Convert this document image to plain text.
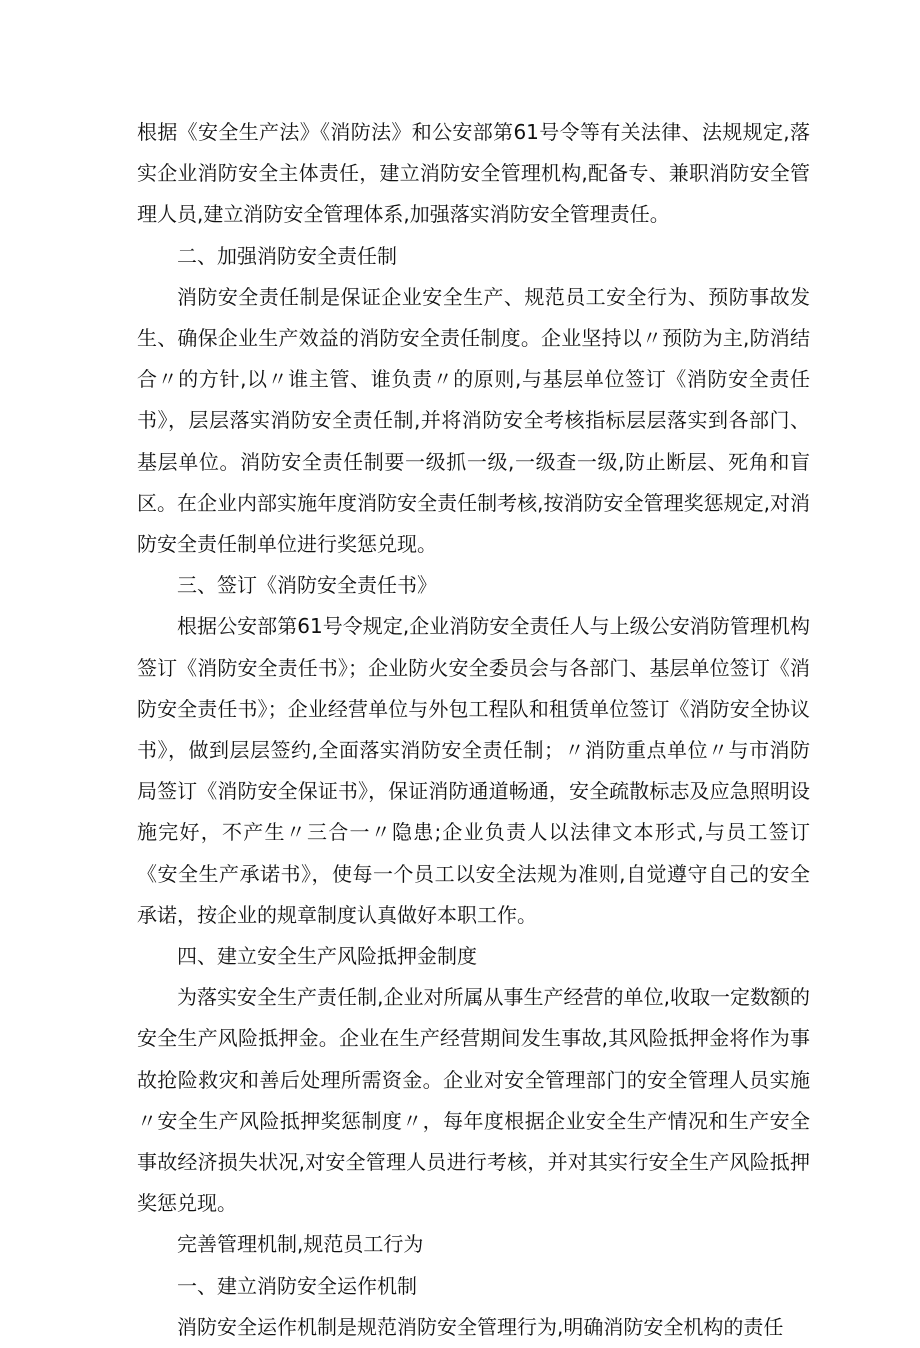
根据《安全生产法》《消防法》和公安部第61号令等有关法律、法规规定,落实企业消防安全主体责任，建立消防安全管理机构,配备专、兼职消防安全管理人员,建立消防安全管理体系,加强落实消防安全管理责任。

二、加强消防安全责任制

消防安全责任制是保证企业安全生产、规范员工安全行为、预防事故发生、确保企业生产效益的消防安全责任制度。企业坚持以〃预防为主,防消结合〃的方针,以〃谁主管、谁负责〃的原则,与基层单位签订《消防安全责任书》，层层落实消防安全责任制,并将消防安全考核指标层层落实到各部门、基层单位。消防安全责任制要一级抓一级,一级查一级,防止断层、死角和盲区。在企业内部实施年度消防安全责任制考核,按消防安全管理奖惩规定,对消防安全责任制单位进行奖惩兑现。

三、签订《消防安全责任书》

根据公安部第61号令规定,企业消防安全责任人与上级公安消防管理机构签订《消防安全责任书》；企业防火安全委员会与各部门、基层单位签订《消防安全责任书》；企业经营单位与外包工程队和租赁单位签订《消防安全协议书》，做到层层签约,全面落实消防安全责任制；〃消防重点单位〃与市消防局签订《消防安全保证书》，保证消防通道畅通，安全疏散标志及应急照明设施完好，不产生〃三合一〃隐患;企业负责人以法律文本形式,与员工签订《安全生产承诺书》，使每一个员工以安全法规为准则,自觉遵守自己的安全承诺，按企业的规章制度认真做好本职工作。

四、建立安全生产风险抵押金制度

为落实安全生产责任制,企业对所属从事生产经营的单位,收取一定数额的安全生产风险抵押金。企业在生产经营期间发生事故,其风险抵押金将作为事故抢险救灾和善后处理所需资金。企业对安全管理部门的安全管理人员实施〃安全生产风险抵押奖惩制度〃，每年度根据企业安全生产情况和生产安全事故经济损失状况,对安全管理人员进行考核，并对其实行安全生产风险抵押奖惩兑现。

完善管理机制,规范员工行为

一、建立消防安全运作机制

消防安全运作机制是规范消防安全管理行为,明确消防安全机构的责任
